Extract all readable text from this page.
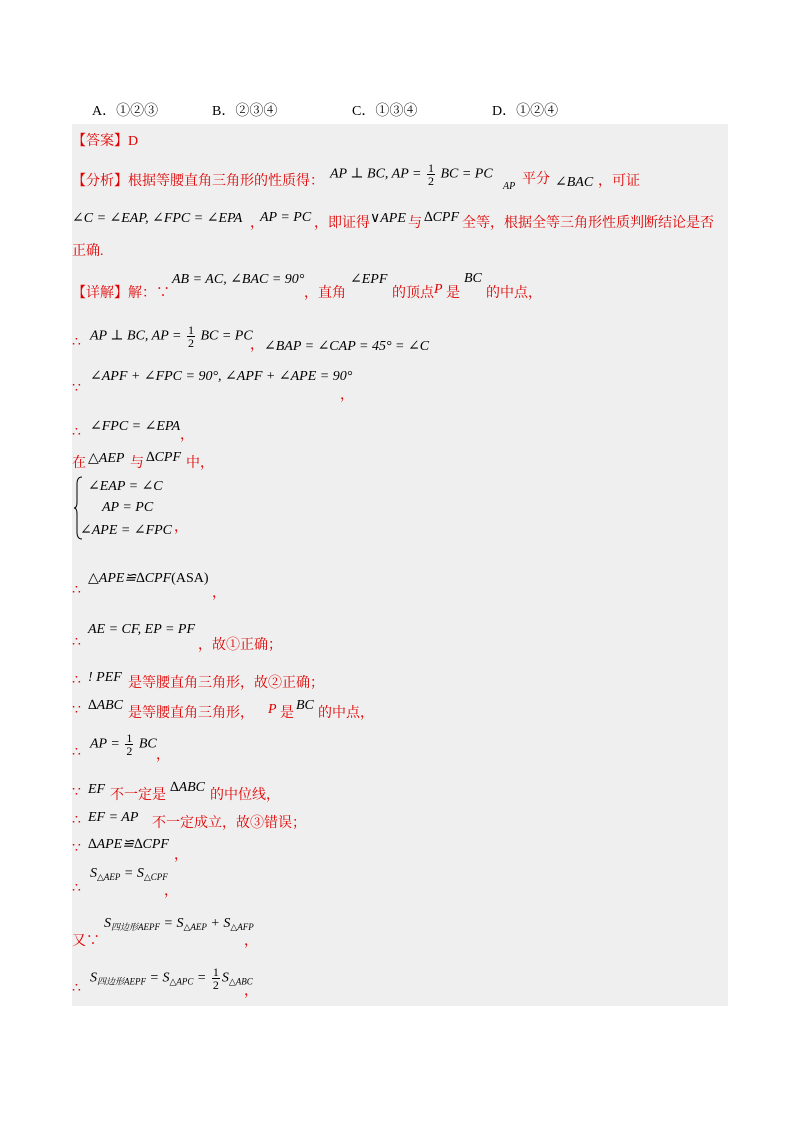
A．①②③	B．②③④	C．①③④	D．①②④
【答案】D
【分析】 根据等腰直角三角形的性质得： AP ⊥ BC, AP = $\frac{1}{2}$ BC = PC
AP 平分 ∠BAC ，可证
∠C = ∠EAP, ∠FPC = ∠EPA ，
AP = PC ，即证得 ∨APE 与 ∆CPF 全等，根据全等三角形性质判断结论是否
正确.
【详解】 解：∵
AB = AC, ∠BAC = 90°
，直角
∠EPF
的顶点 P 是
BC
的中点，
∴ AP ⊥ BC, AP = $\frac{1}{2}$ BC = PC
， ∠BAP = ∠CAP = 45° = ∠C
∵
∠APF + ∠FPC = 90°, ∠APF + ∠APE = 90°
，
∴ ∠FPC = ∠EPA
，
在 △AEP 与 ∆CPF 中，
∠EAP = ∠C
AP = PC
∠APE = ∠FPC ，
∴
△APE≌∆CPF(ASA)
，
∴
AE = CF, EP = PF
，故①正确；
∴ ! PEF 是等腰直角三角形，故②正确；
∵ ∆ABC
是等腰直角三角形， P 是
BC
的中点，
∴
AP = $\frac{1}{2}$ BC
，
∵ EF 不一定是
∆ABC
的中位线，
∴ EF = AP 不一定成立，故③错误；
∵ ∆APE≌∆CPF
，
∴
$S_{\triangle AEP} = S_{\triangle CPF}$
，
又∵
$S_{四边形AEPF} = S_{\triangle AEP} + S_{\triangle AFP}$
，
∴
$S_{四边形AEPF} = S_{\triangle APC} = \frac{1}{2} S_{\triangle ABC}$
，
